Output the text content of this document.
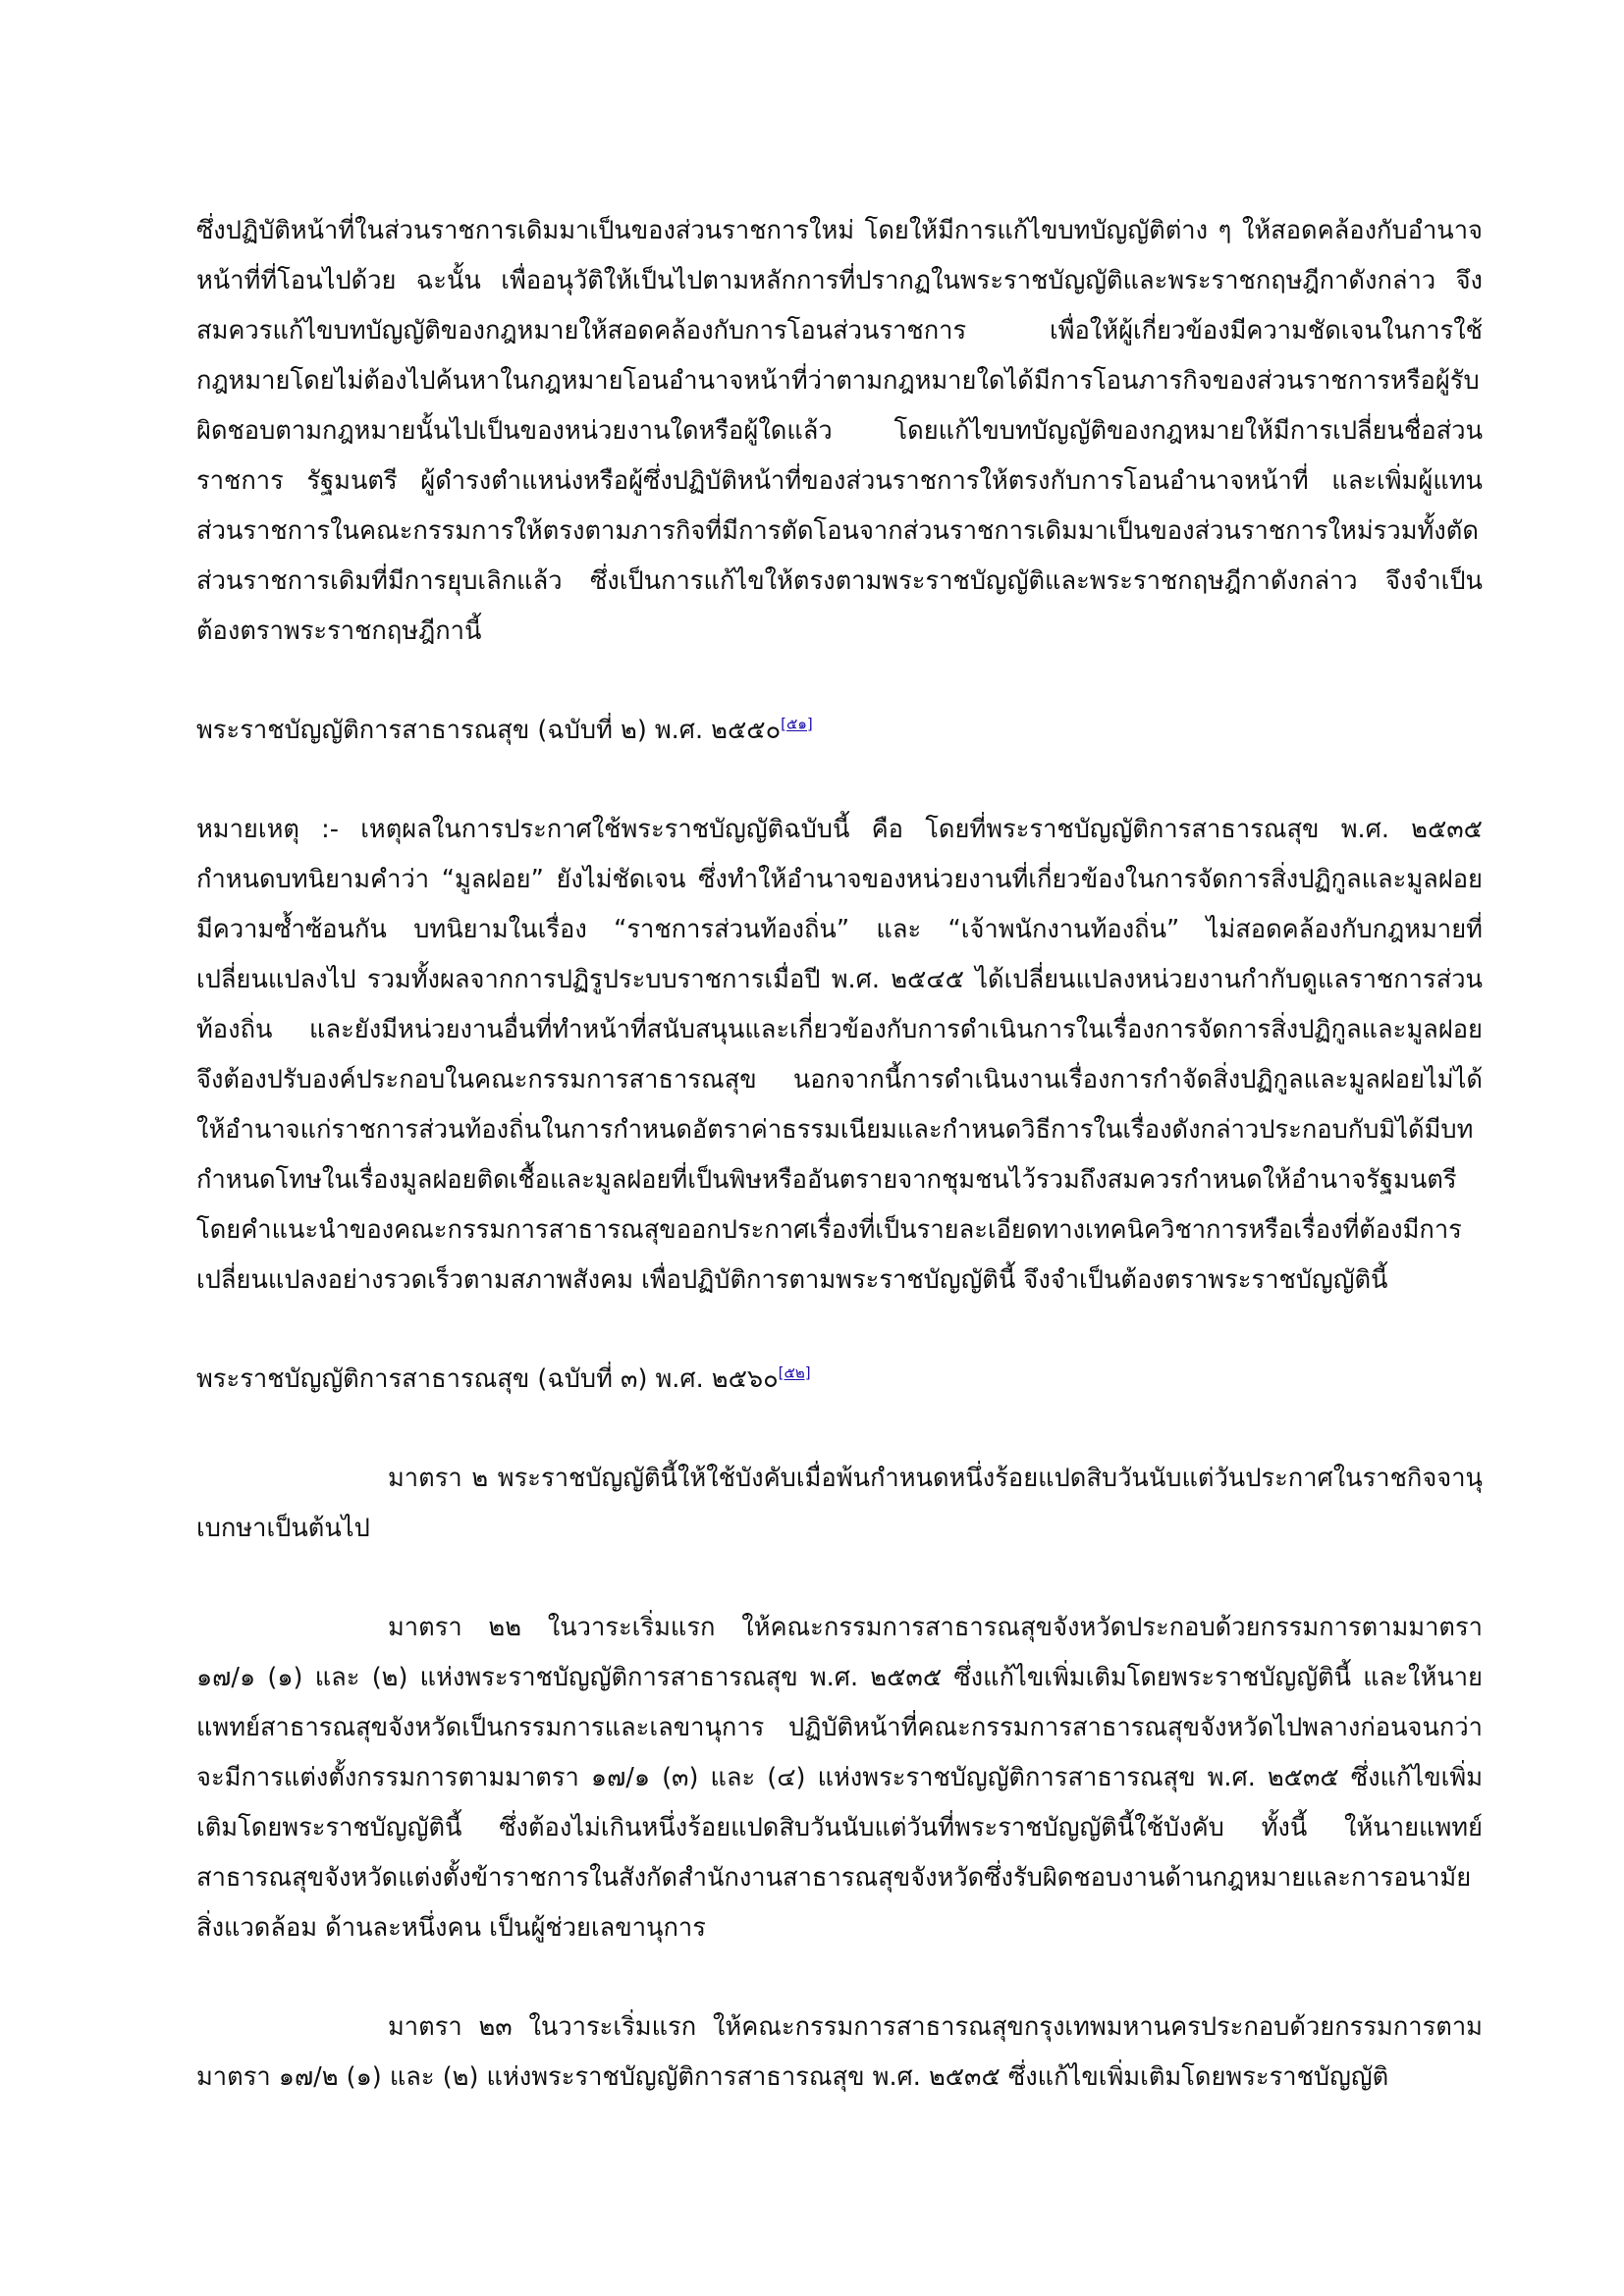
ซึ่งปฏิบัติหน้าที่ในส่วนราชการเดิมมาเป็นของส่วนราชการใหม่ โดยให้มีการแก้ไขบทบัญญัติต่าง ๆ ให้สอดคล้องกับอำนาจหน้าที่ที่โอนไปด้วย ฉะนั้น เพื่ออนุวัติให้เป็นไปตามหลักการที่ปรากฏในพระราชบัญญัติและพระราชกฤษฎีกาดังกล่าว จึงสมควรแก้ไขบทบัญญัติของกฎหมายให้สอดคล้องกับการโอนส่วนราชการ เพื่อให้ผู้เกี่ยวข้องมีความชัดเจนในการใช้กฎหมายโดยไม่ต้องไปค้นหาในกฎหมายโอนอำนาจหน้าที่ว่าตามกฎหมายใดได้มีการโอนภารกิจของส่วนราชการหรือผู้รับผิดชอบตามกฎหมายนั้นไปเป็นของหน่วยงานใดหรือผู้ใดแล้ว โดยแก้ไขบทบัญญัติของกฎหมายให้มีการเปลี่ยนชื่อส่วนราชการ รัฐมนตรี ผู้ดำรงตำแหน่งหรือผู้ซึ่งปฏิบัติหน้าที่ของส่วนราชการให้ตรงกับการโอนอำนาจหน้าที่ และเพิ่มผู้แทนส่วนราชการในคณะกรรมการให้ตรงตามภารกิจที่มีการตัดโอนจากส่วนราชการเดิมมาเป็นของส่วนราชการใหม่รวมทั้งตัดส่วนราชการเดิมที่มีการยุบเลิกแล้ว ซึ่งเป็นการแก้ไขให้ตรงตามพระราชบัญญัติและพระราชกฤษฎีกาดังกล่าว จึงจำเป็นต้องตราพระราชกฤษฎีกานี้

พระราชบัญญัติการสาธารณสุข (ฉบับที่ ๒) พ.ศ. ๒๕๕๐[๕๑]

หมายเหตุ :- เหตุผลในการประกาศใช้พระราชบัญญัติฉบับนี้ คือ โดยที่พระราชบัญญัติการสาธารณสุข พ.ศ. ๒๕๓๕ กำหนดบทนิยามคำว่า “มูลฝอย” ยังไม่ชัดเจน ซึ่งทำให้อำนาจของหน่วยงานที่เกี่ยวข้องในการจัดการสิ่งปฏิกูลและมูลฝอยมีความซ้ำซ้อนกัน บทนิยามในเรื่อง “ราชการส่วนท้องถิ่น” และ “เจ้าพนักงานท้องถิ่น” ไม่สอดคล้องกับกฎหมายที่เปลี่ยนแปลงไป รวมทั้งผลจากการปฏิรูประบบราชการเมื่อปี พ.ศ. ๒๕๔๕ ได้เปลี่ยนแปลงหน่วยงานกำกับดูแลราชการส่วนท้องถิ่น และยังมีหน่วยงานอื่นที่ทำหน้าที่สนับสนุนและเกี่ยวข้องกับการดำเนินการในเรื่องการจัดการสิ่งปฏิกูลและมูลฝอย จึงต้องปรับองค์ประกอบในคณะกรรมการสาธารณสุข นอกจากนี้การดำเนินงานเรื่องการกำจัดสิ่งปฏิกูลและมูลฝอยไม่ได้ให้อำนาจแก่ราชการส่วนท้องถิ่นในการกำหนดอัตราค่าธรรมเนียมและกำหนดวิธีการในเรื่องดังกล่าวประกอบกับมิได้มีบทกำหนดโทษในเรื่องมูลฝอยติดเชื้อและมูลฝอยที่เป็นพิษหรืออันตรายจากชุมชนไว้รวมถึงสมควรกำหนดให้อำนาจรัฐมนตรีโดยคำแนะนำของคณะกรรมการสาธารณสุขออกประกาศเรื่องที่เป็นรายละเอียดทางเทคนิควิชาการหรือเรื่องที่ต้องมีการเปลี่ยนแปลงอย่างรวดเร็วตามสภาพสังคม เพื่อปฏิบัติการตามพระราชบัญญัตินี้ จึงจำเป็นต้องตราพระราชบัญญัตินี้

พระราชบัญญัติการสาธารณสุข (ฉบับที่ ๓) พ.ศ. ๒๕๖๐[๕๒]

มาตรา ๒ พระราชบัญญัตินี้ให้ใช้บังคับเมื่อพ้นกำหนดหนึ่งร้อยแปดสิบวันนับแต่วันประกาศในราชกิจจานุเบกษาเป็นต้นไป

มาตรา ๒๒ ในวาระเริ่มแรก ให้คณะกรรมการสาธารณสุขจังหวัดประกอบด้วยกรรมการตามมาตรา ๑๗/๑ (๑) และ (๒) แห่งพระราชบัญญัติการสาธารณสุข พ.ศ. ๒๕๓๕ ซึ่งแก้ไขเพิ่มเติมโดยพระราชบัญญัตินี้ และให้นายแพทย์สาธารณสุขจังหวัดเป็นกรรมการและเลขานุการ ปฏิบัติหน้าที่คณะกรรมการสาธารณสุขจังหวัดไปพลางก่อนจนกว่าจะมีการแต่งตั้งกรรมการตามมาตรา ๑๗/๑ (๓) และ (๔) แห่งพระราชบัญญัติการสาธารณสุข พ.ศ. ๒๕๓๕ ซึ่งแก้ไขเพิ่มเติมโดยพระราชบัญญัตินี้ ซึ่งต้องไม่เกินหนึ่งร้อยแปดสิบวันนับแต่วันที่พระราชบัญญัตินี้ใช้บังคับ ทั้งนี้ ให้นายแพทย์สาธารณสุขจังหวัดแต่งตั้งข้าราชการในสังกัดสำนักงานสาธารณสุขจังหวัดซึ่งรับผิดชอบงานด้านกฎหมายและการอนามัยสิ่งแวดล้อม ด้านละหนึ่งคน เป็นผู้ช่วยเลขานุการ

มาตรา ๒๓ ในวาระเริ่มแรก ให้คณะกรรมการสาธารณสุขกรุงเทพมหานครประกอบด้วยกรรมการตามมาตรา ๑๗/๒ (๑) และ (๒) แห่งพระราชบัญญัติการสาธารณสุข พ.ศ. ๒๕๓๕ ซึ่งแก้ไขเพิ่มเติมโดยพระราชบัญญัติ
